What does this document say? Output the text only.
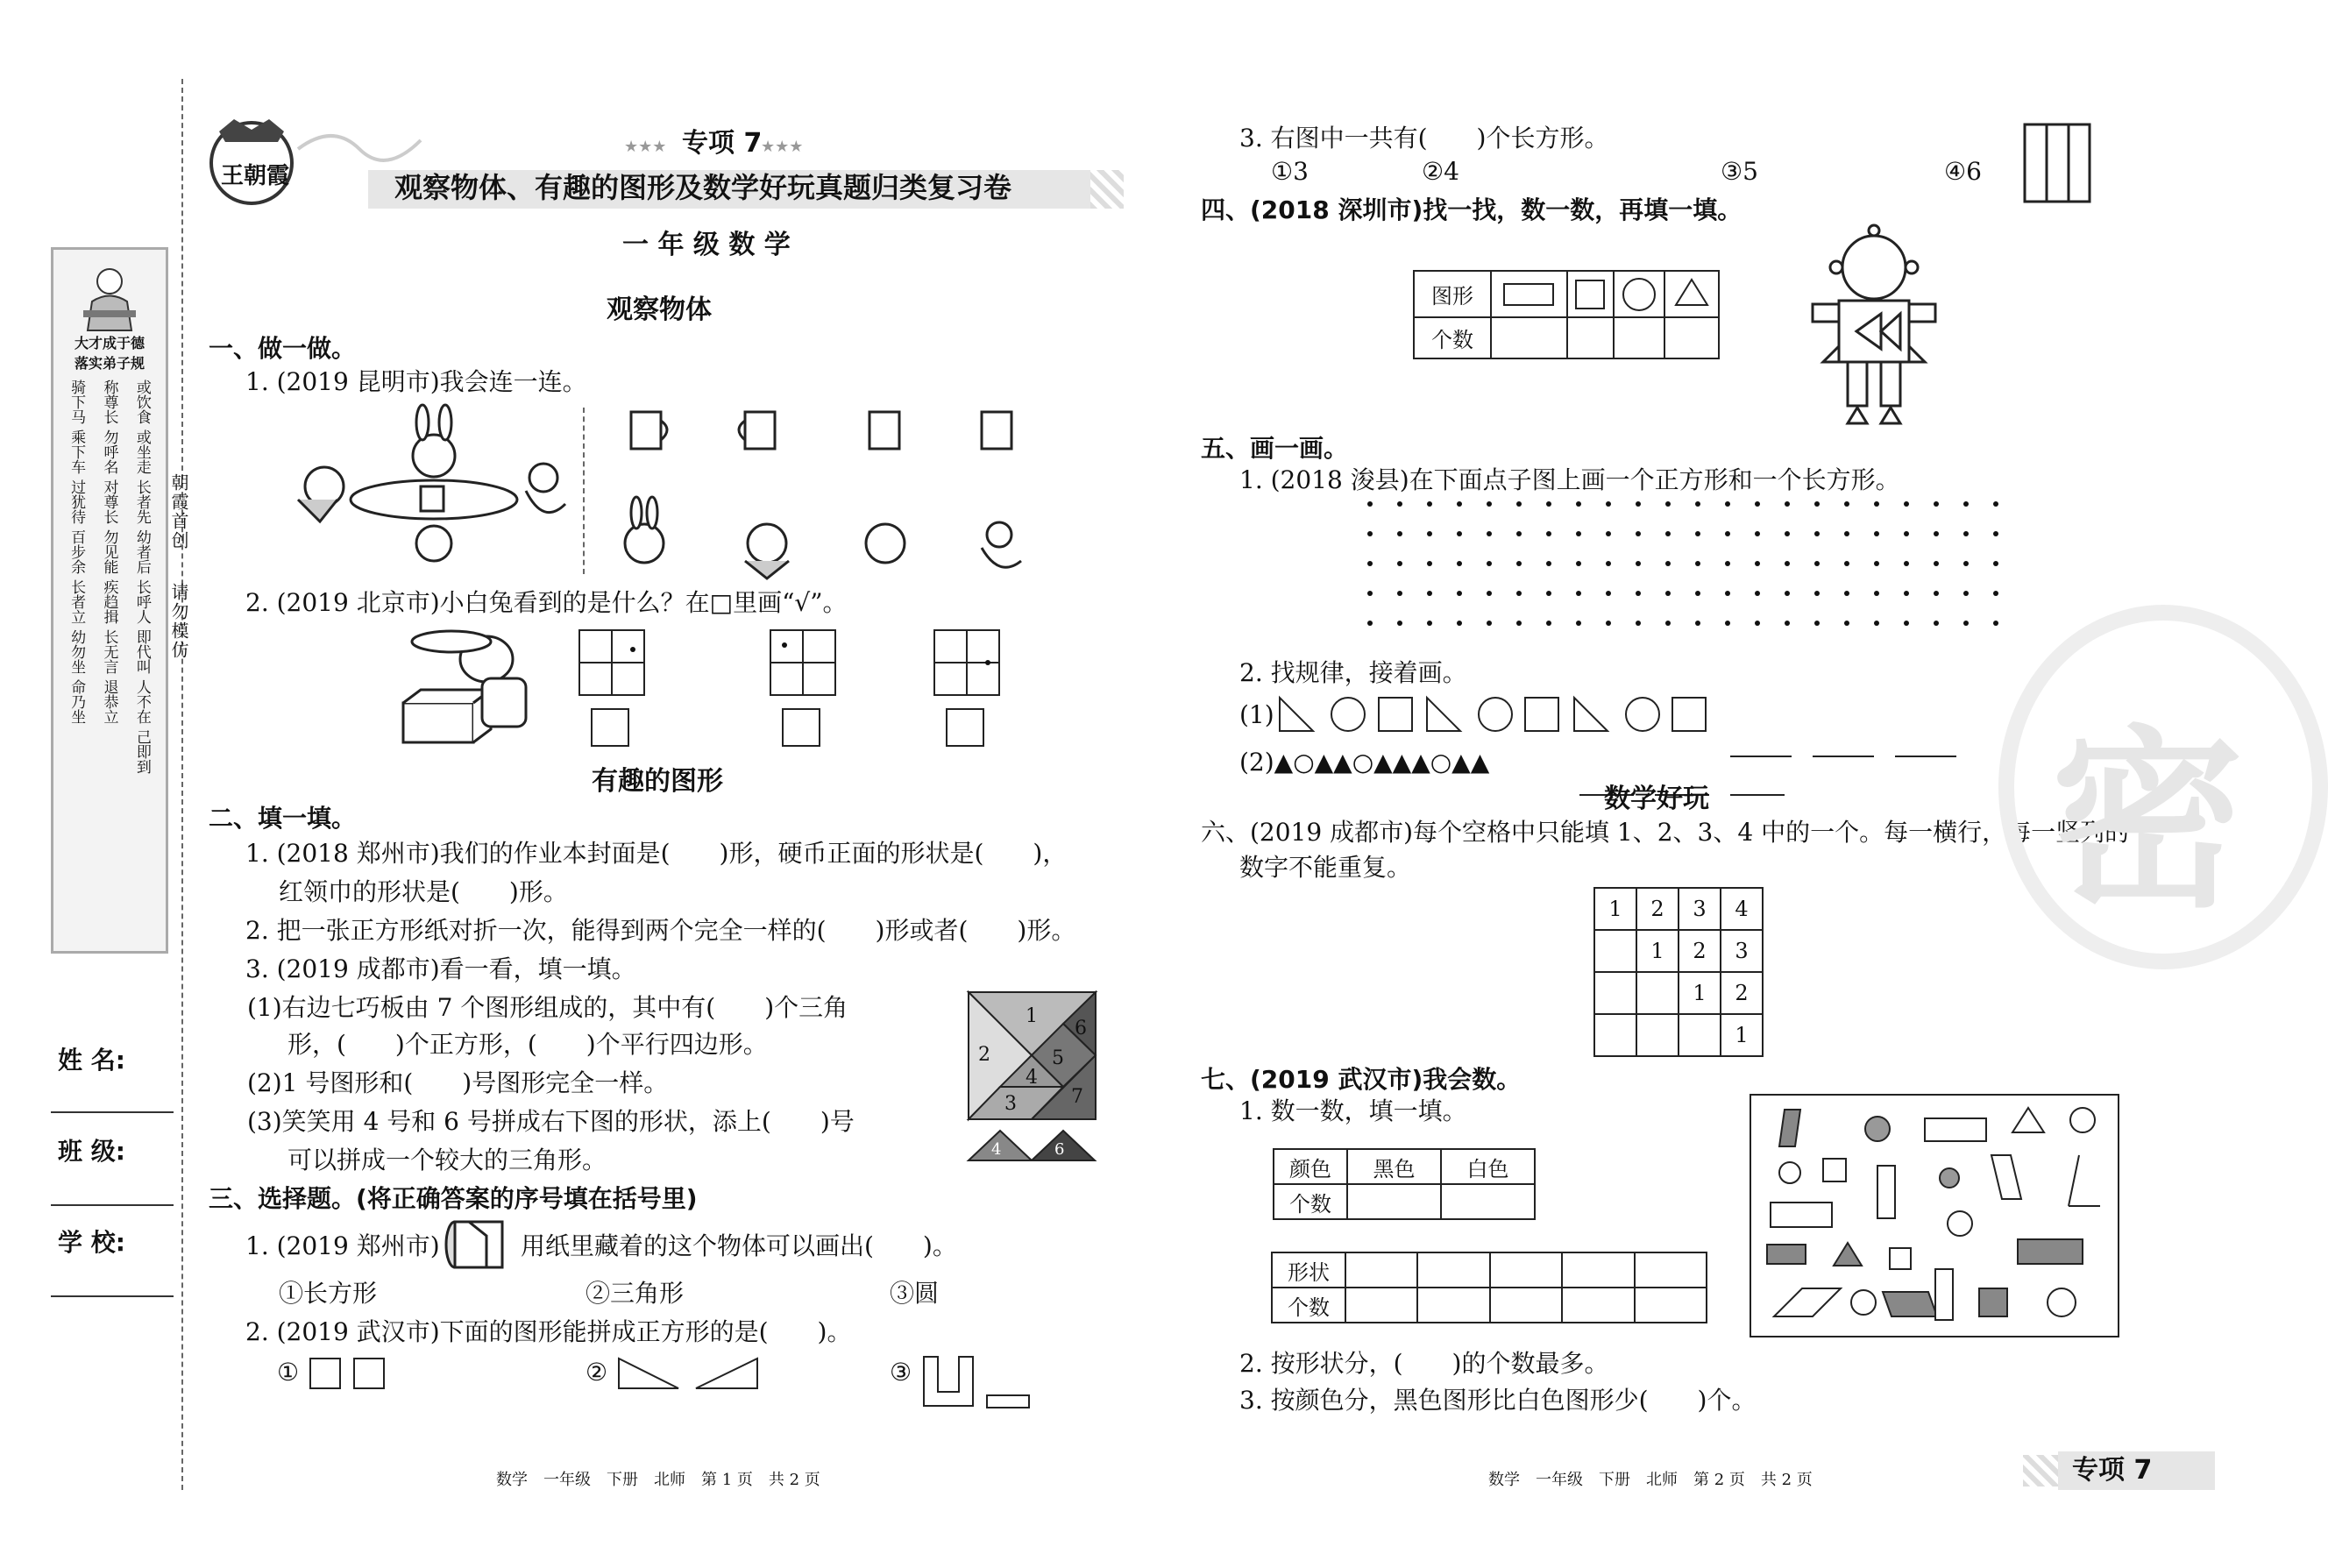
大才成于德
落实弟子规
骑下马 称尊长 或饮食
乘下车 勿呼名 或坐走
过犹待 对尊长 长者先
百步余 勿见能 幼者后
长者立 疾趋揖 长呼人
幼勿坐 长无言 即代叫
命乃坐 退恭立 人不在
己即到
朝霞首创
请勿模仿
姓 名:
班 级:
学 校:
王朝霞
★★★ 专项 7
★★★
观察物体、有趣的图形及数学好玩真题归类复习卷
一 年 级 数 学
观察物体
一、做一做。
1. (2019 昆明市)我会连一连。
2. (2019 北京市)小白兔看到的是什么？在□里画“√”。
有趣的图形
二、填一填。
1. (2018 郑州市)我们的作业本封面是(　　)形，硬币正面的形状是(　　)，
红领巾的形状是(　　)形。
2. 把一张正方形纸对折一次，能得到两个完全一样的(　　)形或者(　　)形。
3. (2019 成都市)看一看，填一填。
(1)右边七巧板由 7 个图形组成的，其中有(　　)个三角
形，(　　)个正方形，(　　)个平行四边形。
(2)1 号图形和(　　)号图形完全一样。
(3)笑笑用 4 号和 6 号拼成右下图的形状，添上(　　)号
可以拼成一个较大的三角形。
1
2
3
4
5
6
7
4	6
三、选择题。(将正确答案的序号填在括号里)
1. (2019 郑州市)	用纸里藏着的这个物体可以画出(　　)。
①长方形	②三角形	③圆
2. (2019 武汉市)下面的图形能拼成正方形的是(　　)。
①	②	③
数学　一年级　下册　北师　第 1 页　共 2 页
3. 右图中一共有(　　)个长方形。
①3	②4	③5	④6
四、(2018 深圳市)找一找，数一数，再填一填。
图形	

个数				
五、画一画。
1. (2018 浚县)在下面点子图上画一个正方形和一个长方形。
2. 找规律，接着画。
(1)
(2)▲○▲▲○▲▲▲○▲▲
数学好玩
六、(2019 成都市)每个空格中只能填 1、2、3、4 中的一个。每一横行，每一竖列的
数字不能重复。
1	2	3	4
	1	2	3
		1	2
			1
七、(2019 武汉市)我会数。
1. 数一数，填一填。
颜色	黑色	白色
个数		
形状					
个数					
2. 按形状分，(　　)的个数最多。
3. 按颜色分，黑色图形比白色图形少(　　)个。
密
数学　一年级　下册　北师　第 2 页　共 2 页	专项 7
